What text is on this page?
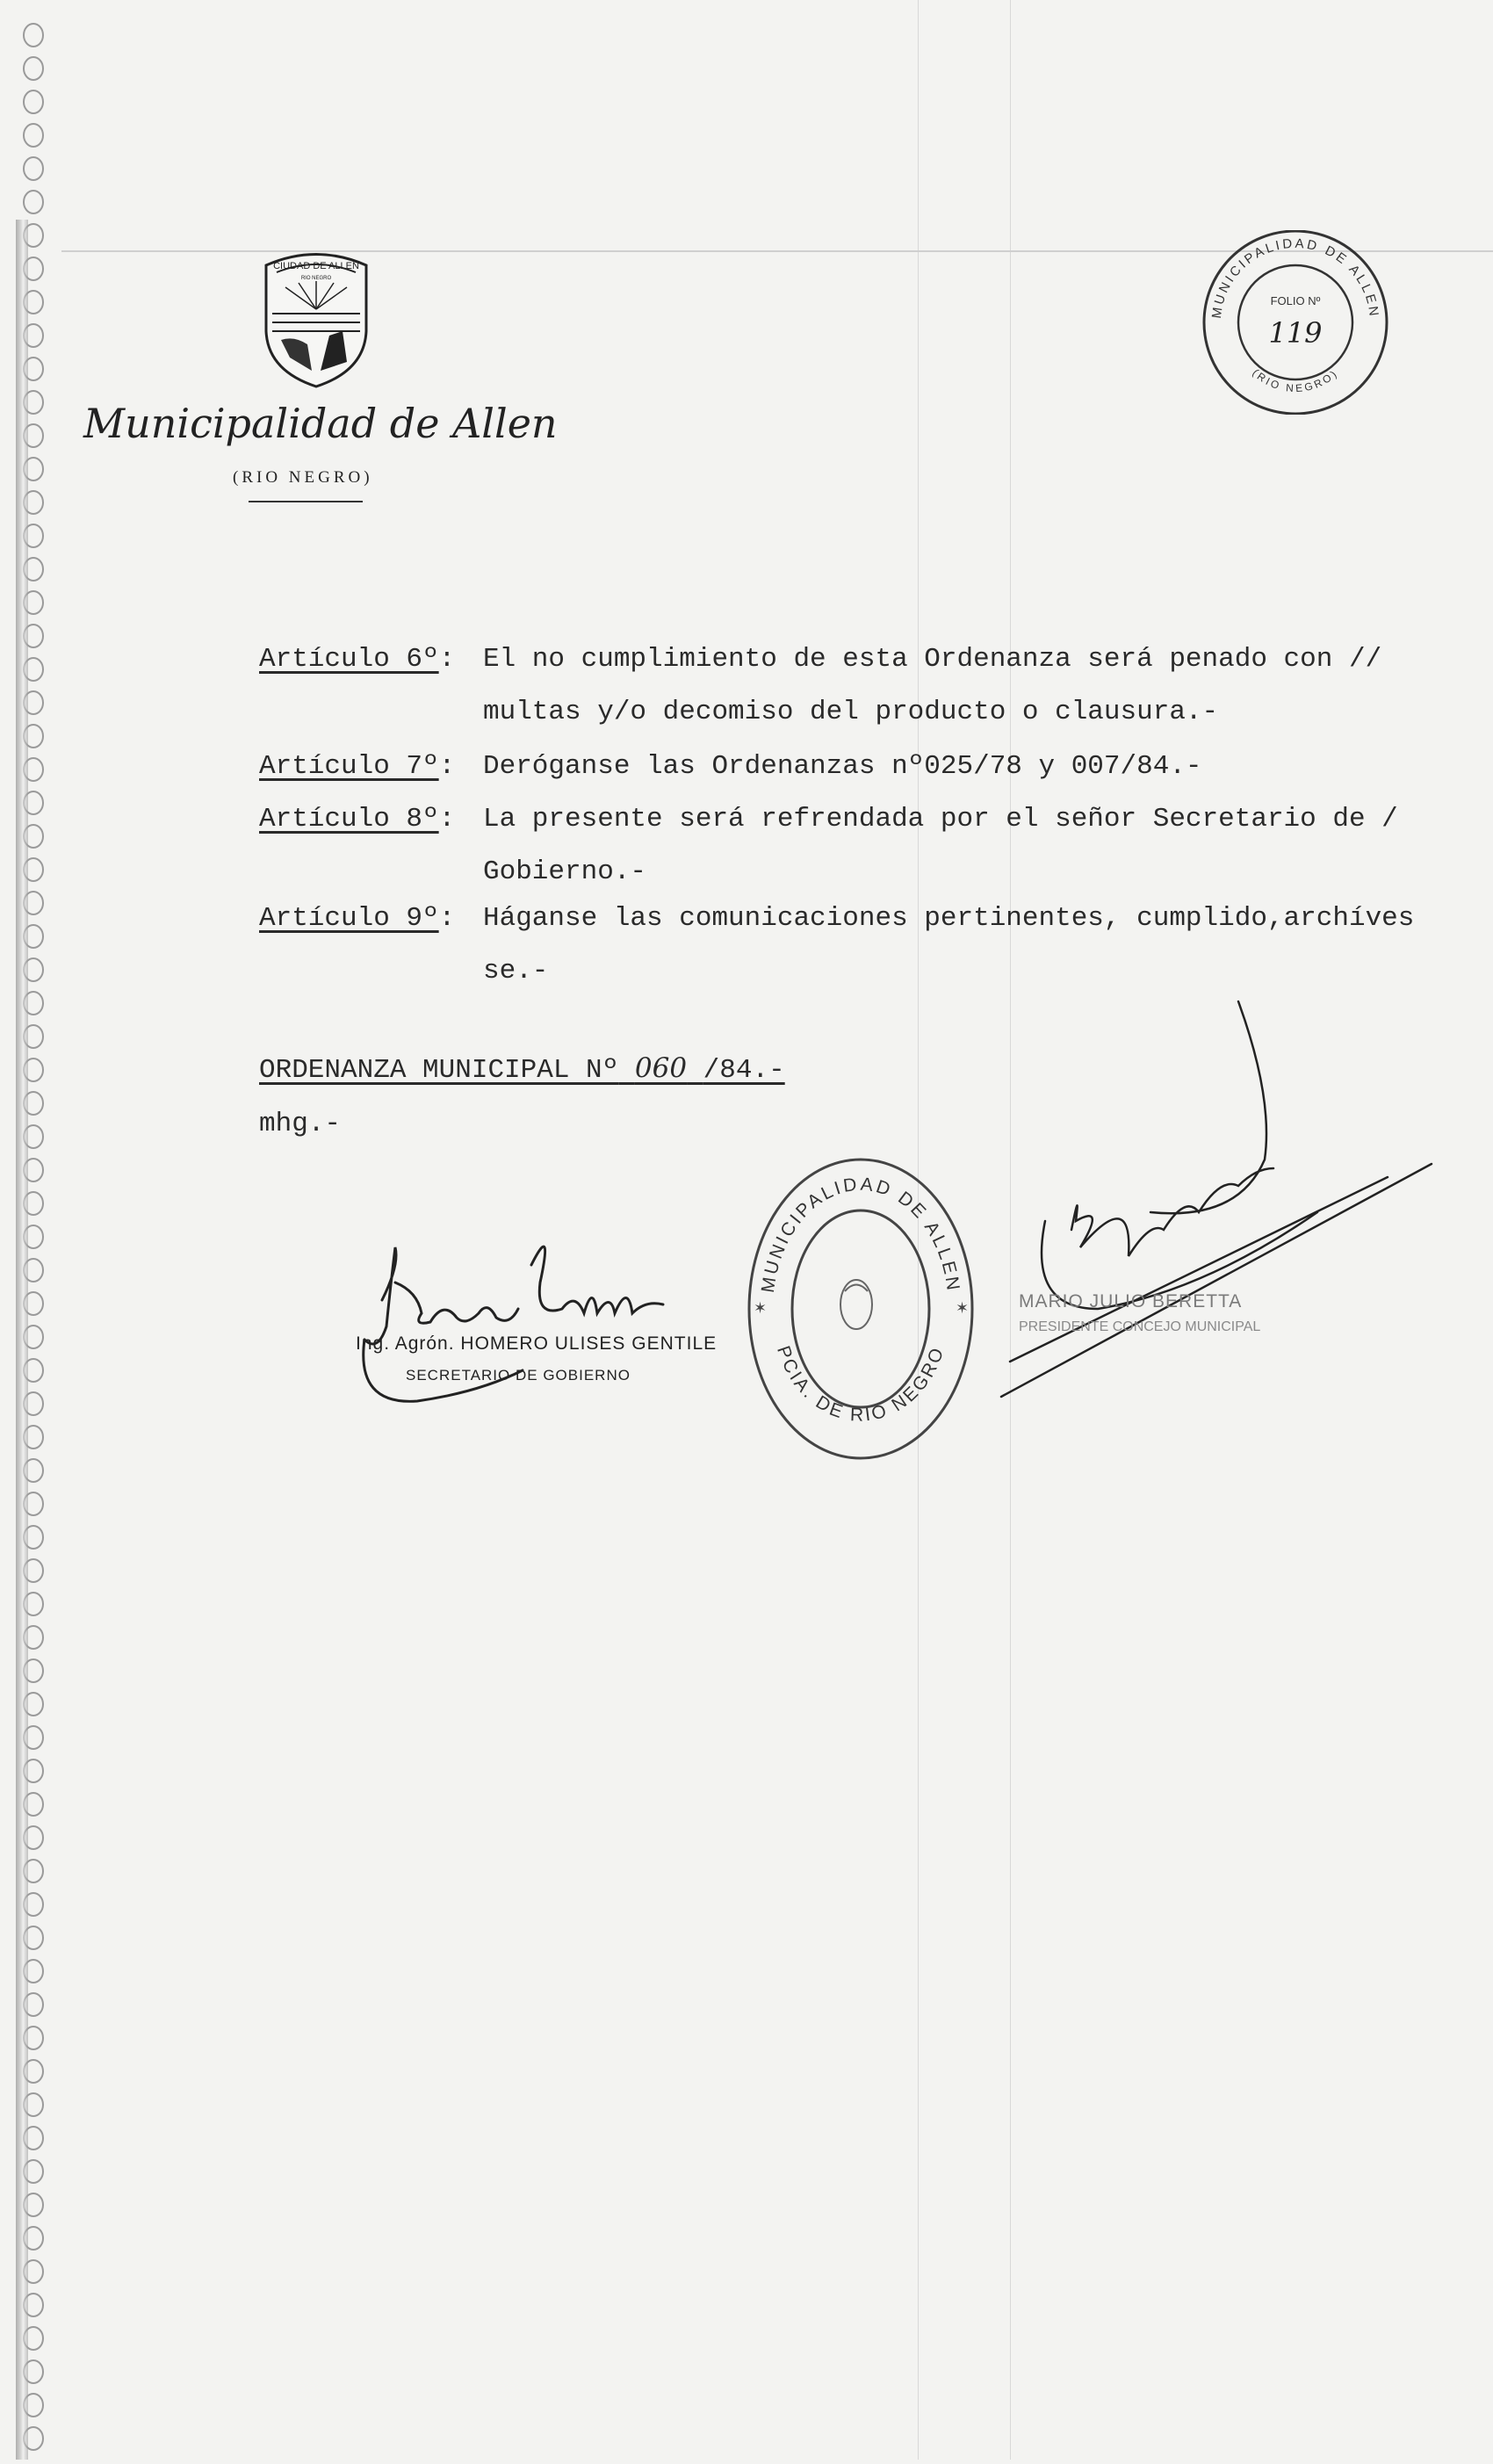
CIUDAD DE ALLEN
RIO NEGRO
Municipalidad de Allen
(RIO NEGRO)
MUNICIPALIDAD DE ALLEN
(RIO NEGRO)
FOLIO Nº
119
Artículo 6º: El no cumplimiento de esta Ordenanza será penado con //
multas y/o decomiso del producto o clausura.-
Artículo 7º: Derógansе las Ordenanzas nº025/78 y 007/84.-
Artículo 8º: La presente será refrendada por el señor Secretario de /
Gobierno.-
Artículo 9º: Háganse las comunicaciones pertinentes, cumplido,archíves
se.-
ORDENANZA MUNICIPAL Nº 060 /84.-
mhg.-
Ing. Agrón. HOMERO ULISES GENTILE
SECRETARIO DE GOBIERNO
MUNICIPALIDAD DE ALLEN
PCIA. DE RIO NEGRO
✶	✶	MARIO JULIO BERETTA
PRESIDENTE CONCEJO MUNICIPAL
